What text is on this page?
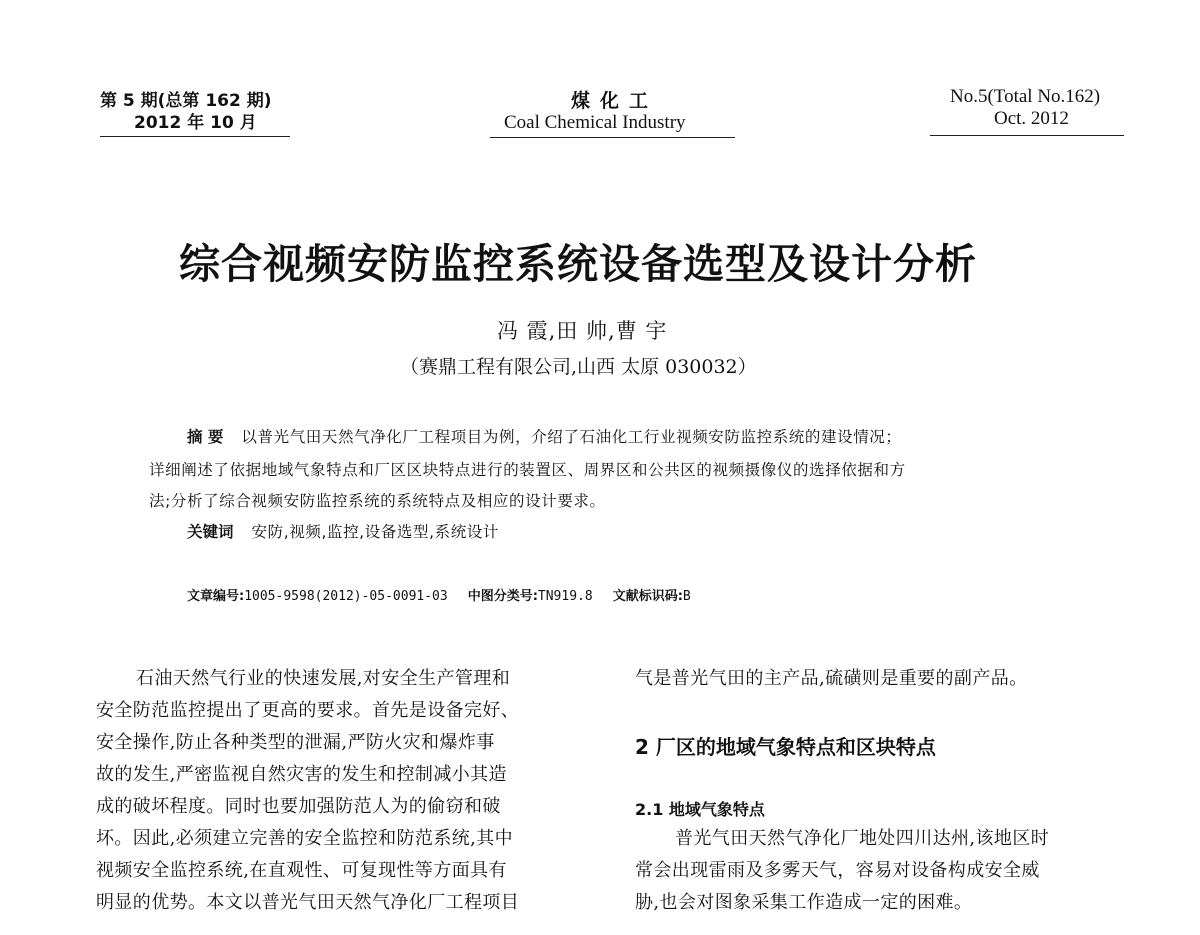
第 5 期(总第 162 期)
2012 年 10 月
煤化工
Coal Chemical Industry
No.5(Total No.162)
Oct. 2012
综合视频安防监控系统设备选型及设计分析
冯 霞,田 帅,曹 宇
（赛鼎工程有限公司,山西 太原 030032）
摘 要 以普光气田天然气净化厂工程项目为例，介绍了石油化工行业视频安防监控系统的建设情况；
详细阐述了依据地域气象特点和厂区区块特点进行的装置区、周界区和公共区的视频摄像仪的选择依据和方
法;分析了综合视频安防监控系统的系统特点及相应的设计要求。
关键词 安防,视频,监控,设备选型,系统设计
文章编号:1005-9598(2012)-05-0091-03 中图分类号:TN919.8 文献标识码:B
石油天然气行业的快速发展,对安全生产管理和
安全防范监控提出了更高的要求。首先是设备完好、
安全操作,防止各种类型的泄漏,严防火灾和爆炸事
故的发生,严密监视自然灾害的发生和控制减小其造
成的破坏程度。同时也要加强防范人为的偷窃和破
坏。因此,必须建立完善的安全监控和防范系统,其中
视频安全监控系统,在直观性、可复现性等方面具有
明显的优势。本文以普光气田天然气净化厂工程项目
气是普光气田的主产品,硫磺则是重要的副产品。
2 厂区的地域气象特点和区块特点
2.1 地域气象特点
普光气田天然气净化厂地处四川达州,该地区时
常会出现雷雨及多雾天气，容易对设备构成安全威
胁,也会对图象采集工作造成一定的困难。
